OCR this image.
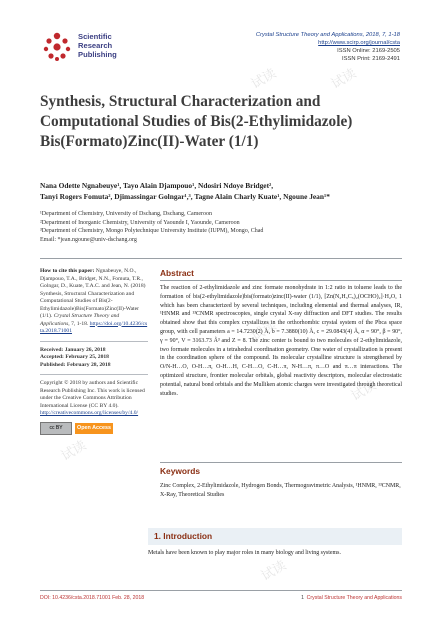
试读	试读
试读
试读
试读
试读
Scientific
Research
Publishing
Crystal Structure Theory and Applications, 2018, 7, 1-18
http://www.scirp.org/journal/csta
ISSN Online: 2169-2505
ISSN Print: 2169-2491
Synthesis, Structural Characterization and Computational Studies of Bis(2-Ethylimidazole) Bis(Formato)Zinc(II)-Water (1/1)
Nana Odette Ngnabeuye¹, Tayo Alain Djampouo¹, Ndosiri Ndoye Bridget²,
Tanyi Rogers Fomuta², Djimassingar Golngar¹,³, Tagne Alain Charly Kuate¹, Ngoune Jean¹*
¹Department of Chemistry, University of Dschang, Dschang, Cameroon
²Department of Inorganic Chemistry, University of Yaounde I, Yaounde, Cameroon
³Department of Chemistry, Mongo Polytechnique University Institute (IUPM), Mongo, Chad
Email: *jean.ngoune@univ-dschang.org
How to cite this paper: Ngnabeuye, N.O., Djampouo, T.A., Bridget, N.N., Fomuta, T.R., Golngar, D., Kuate, T.A.C. and Jean, N. (2018) Synthesis, Structural Characterization and Computational Studies of Bis(2-Ethylimidazole)Bis(Formato)Zinc(II)-Water (1/1). Crystal Structure Theory and Applications, 7, 1-18. https://doi.org/10.4236/csta.2018.71001
Received: January 26, 2018
Accepted: February 25, 2018
Published: February 28, 2018
Copyright © 2018 by authors and Scientific Research Publishing Inc. This work is licensed under the Creative Commons Attribution International License (CC BY 4.0).
http://creativecommons.org/licenses/by/4.0/
cc BY	Open Access
Abstract
The reaction of 2-ethylimidazole and zinc formate monohydrate in 1:2 ratio in toluene leads to the formation of bis(2-ethylimidazole)bis(formato)zinc(II)-water (1/1), [Zn(N₂H₃C₅)₂(OCHO)₂]·H₂O, 1 which has been characterized by several techniques, including elemental and thermal analyses, IR, ¹HNMR and ¹³CNMR spectroscopies, single crystal X-ray diffraction and DFT studies. The results obtained show that this complex crystallizes in the orthorhombic crystal system of the Pbca space group, with cell parameters a = 14.7230(2) Å, b = 7.3880(10) Å, c = 29.0843(4) Å, α = 90°, β = 90°, γ = 90°, V = 3163.73 Å³ and Z = 8. The zinc center is bound to two molecules of 2-ethylimidazole, two formate molecules in a tetrahedral coordination geometry. One water of crystallization is present in the coordination sphere of the compound. Its molecular crystalline structure is strengthened by O/N-H…O, O-H…π, O-H…H, C-H…O, C-H…π, N-H…π, π…O and π…π interactions. The optimized structure, frontier molecular orbitals, global reactivity descriptors, molecular electrostatic potential, natural bond orbitals and the Mulliken atomic charges were investigated through theoretical studies.
Keywords
Zinc Complex, 2-Ethylimidazole, Hydrogen Bonds, Thermogravimetric Analysis, ¹HNMR, ¹³CNMR, X-Ray, Theoretical Studies
1. Introduction
Metals have been known to play major roles in many biology and living systems.
DOI: 10.4236/csta.2018.71001 Feb. 28, 2018	1 Crystal Structure Theory and Applications
